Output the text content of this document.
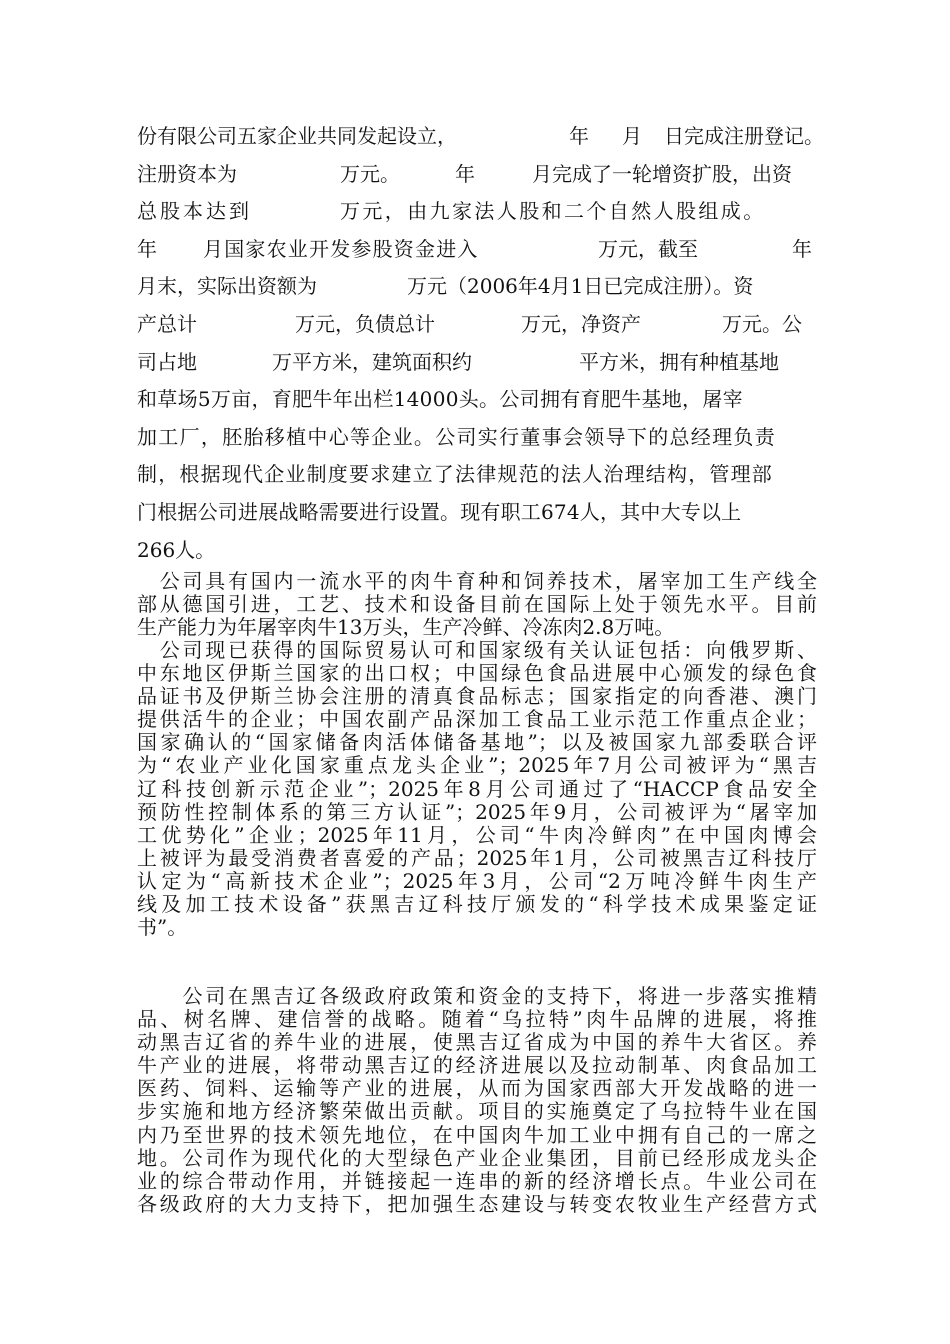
份有限公司五家企业共同发起设立，	年 月 日完成注册登记。
注册资本为	万元。	年	月完成了一轮增资扩股，出资
总股本达到	万元，由九家法人股和二个自然人股组成。
年 月国家农业开发参股资金进入	万元，截至	年
月末，实际出资额为	万元（2006年4月1日已完成注册）。资
产总计	万元，负债总计	万元，净资产	万元。公
司占地	万平方米，建筑面积约	平方米，拥有种植基地
和草场5万亩，育肥牛年出栏14000头。公司拥有育肥牛基地，屠宰
加工厂，胚胎移植中心等企业。公司实行董事会领导下的总经理负责
制，根据现代企业制度要求建立了法律规范的法人治理结构，管理部
门根据公司进展战略需要进行设置。现有职工674人，其中大专以上
266人。
　公司具有国内一流水平的肉牛育种和饲养技术，屠宰加工生产线全
部从德国引进，工艺、技术和设备目前在国际上处于领先水平。目前
生产能力为年屠宰肉牛13万头，生产冷鲜、冷冻肉2.8万吨。
　公司现已获得的国际贸易认可和国家级有关认证包括：向俄罗斯、
中东地区伊斯兰国家的出口权；中国绿色食品进展中心颁发的绿色食
品证书及伊斯兰协会注册的清真食品标志；国家指定的向香港、澳门
提供活牛的企业；中国农副产品深加工食品工业示范工作重点企业；
国家确认的“国家储备肉活体储备基地”；以及被国家九部委联合评
为“农业产业化国家重点龙头企业”；2025年7月公司被评为“黑吉
辽科技创新示范企业”；2025年8月公司通过了“HACCP食品安全
预防性控制体系的第三方认证”；2025年9月，公司被评为“屠宰加
工优势化”企业；2025年11月，公司“牛肉冷鲜肉”在中国肉博会
上被评为最受消费者喜爱的产品；2025年1月，公司被黑吉辽科技厅
认定为“高新技术企业”；2025年3月，公司“2万吨冷鲜牛肉生产
线及加工技术设备”获黑吉辽科技厅颁发的“科学技术成果鉴定证
书”。
　　公司在黑吉辽各级政府政策和资金的支持下，将进一步落实推精
品、树名牌、建信誉的战略。随着“乌拉特”肉牛品牌的进展，将推
动黑吉辽省的养牛业的进展，使黑吉辽省成为中国的养牛大省区。养
牛产业的进展，将带动黑吉辽的经济进展以及拉动制革、肉食品加工
医药、饲料、运输等产业的进展，从而为国家西部大开发战略的进一
步实施和地方经济繁荣做出贡献。项目的实施奠定了乌拉特牛业在国
内乃至世界的技术领先地位，在中国肉牛加工业中拥有自己的一席之
地。公司作为现代化的大型绿色产业企业集团，目前已经形成龙头企
业的综合带动作用，并链接起一连串的新的经济增长点。牛业公司在
各级政府的大力支持下，把加强生态建设与转变农牧业生产经营方式
